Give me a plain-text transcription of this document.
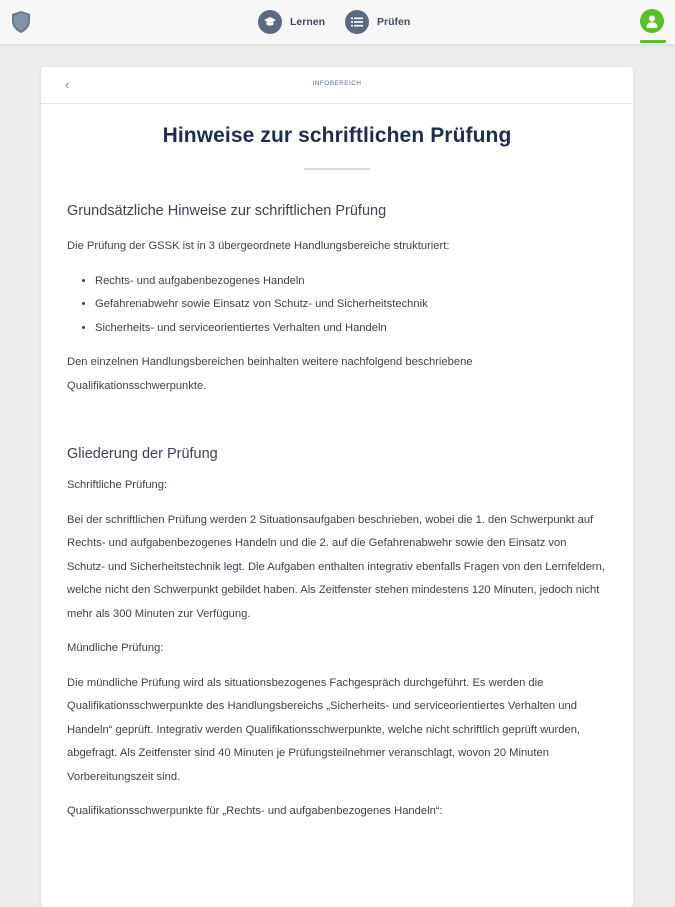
Lernen	Prüfen
‹	INFOBEREICH
Hinweise zur schriftlichen Prüfung
Grundsätzliche Hinweise zur schriftlichen Prüfung

Die Prüfung der GSSK ist in 3 übergeordnete Handlungsbereiche strukturiert:

• Rechts- und aufgabenbezogenes Handeln
• Gefahrenabwehr sowie Einsatz von Schutz- und Sicherheitstechnik
• Sicherheits- und serviceorientiertes Verhalten und Handeln

Den einzelnen Handlungsbereichen beinhalten weitere nachfolgend beschriebene Qualifikationsschwerpunkte.

Gliederung der Prüfung

Schriftliche Prüfung:

Bei der schriftlichen Prüfung werden 2 Situationsaufgaben beschrieben, wobei die 1. den Schwerpunkt auf Rechts- und aufgabenbezogenes Handeln und die 2. auf die Gefahrenabwehr sowie den Einsatz von Schutz- und Sicherheitstechnik legt. Die Aufgaben enthalten integrativ ebenfalls Fragen von den Lernfeldern, welche nicht den Schwerpunkt gebildet haben. Als Zeitfenster stehen mindestens 120 Minuten, jedoch nicht mehr als 300 Minuten zur Verfügung.

Mündliche Prüfung:

Die mündliche Prüfung wird als situationsbezogenes Fachgespräch durchgeführt. Es werden die Qualifikationsschwerpunkte des Handlungsbereichs „Sicherheits- und serviceorientiertes Verhalten und Handeln“ geprüft. Integrativ werden Qualifikationsschwerpunkte, welche nicht schriftlich geprüft wurden, abgefragt. Als Zeitfenster sind 40 Minuten je Prüfungsteilnehmer veranschlagt, wovon 20 Minuten Vorbereitungszeit sind.

Qualifikationsschwerpunkte für „Rechts- und aufgabenbezogenes Handeln“:
